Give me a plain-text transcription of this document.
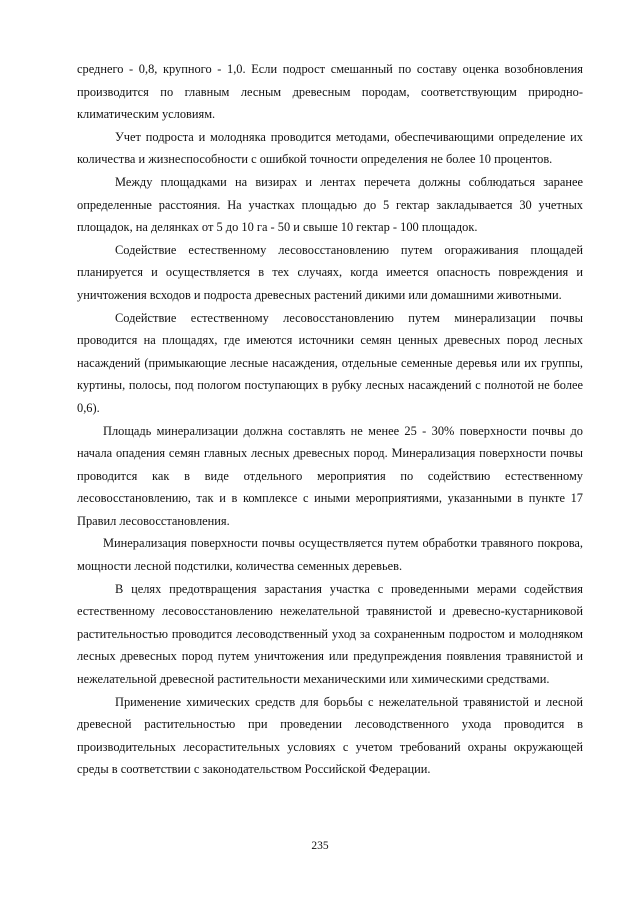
среднего - 0,8, крупного - 1,0. Если подрост смешанный по составу оценка возобновления производится по главным лесным древесным породам, соответствующим природно-климатическим условиям.

Учет подроста и молодняка проводится методами, обеспечивающими определение их количества и жизнеспособности с ошибкой точности определения не более 10 процентов.

Между площадками на визирах и лентах перечета должны соблюдаться заранее определенные расстояния. На участках площадью до 5 гектар закладывается 30 учетных площадок, на делянках от 5 до 10 га - 50 и свыше 10 гектар - 100 площадок.

Содействие естественному лесовосстановлению путем огораживания площадей планируется и осуществляется в тех случаях, когда имеется опасность повреждения и уничтожения всходов и подроста древесных растений дикими или домашними животными.

Содействие естественному лесовосстановлению путем минерализации почвы проводится на площадях, где имеются источники семян ценных древесных пород лесных насаждений (примыкающие лесные насаждения, отдельные семенные деревья или их группы, куртины, полосы, под пологом поступающих в рубку лесных насаждений с полнотой не более 0,6).

Площадь минерализации должна составлять не менее 25 - 30% поверхности почвы до начала опадения семян главных лесных древесных пород. Минерализация поверхности почвы проводится как в виде отдельного мероприятия по содействию естественному лесовосстановлению, так и в комплексе с иными мероприятиями, указанными в пункте 17 Правил лесовосстановления.

Минерализация поверхности почвы осуществляется путем обработки травяного покрова, мощности лесной подстилки, количества семенных деревьев.

В целях предотвращения зарастания участка с проведенными мерами содействия естественному лесовосстановлению нежелательной травянистой и древесно-кустарниковой растительностью проводится лесоводственный уход за сохраненным подростом и молодняком лесных древесных пород путем уничтожения или предупреждения появления травянистой и нежелательной древесной растительности механическими или химическими средствами.

Применение химических средств для борьбы с нежелательной травянистой и лесной древесной растительностью при проведении лесоводственного ухода проводится в производительных лесорастительных условиях с учетом требований охраны окружающей среды в соответствии с законодательством Российской Федерации.

235
